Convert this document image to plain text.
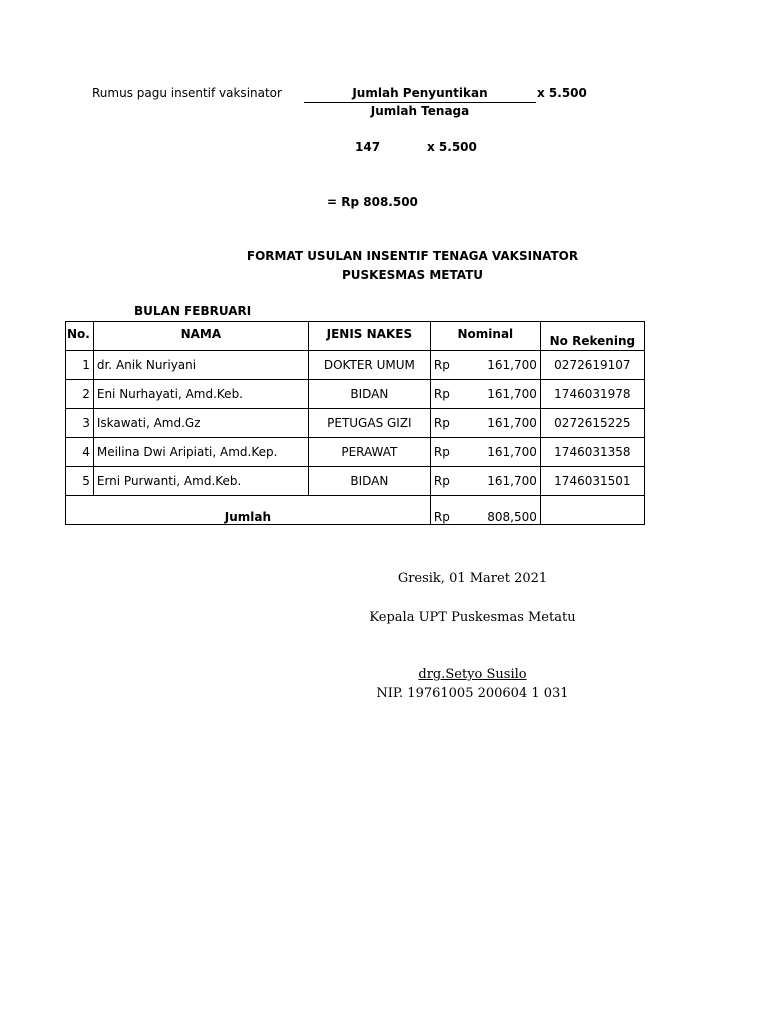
Rumus pagu insentif vaksinator	Jumlah Penyuntikan	x 5.500
Jumlah Tenaga
147	x 5.500
= Rp 808.500
FORMAT USULAN INSENTIF TENAGA VAKSINATOR
PUSKESMAS METATU
BULAN FEBRUARI
No.	NAMA	JENIS NAKES	Nominal	No Rekening
1	dr. Anik Nuriyani	DOKTER UMUM	Rp 161,700	0272619107
2	Eni Nurhayati, Amd.Keb.	BIDAN	Rp 161,700	1746031978
3	Iskawati, Amd.Gz	PETUGAS GIZI	Rp 161,700	0272615225
4	Meilina Dwi Aripiati, Amd.Kep.	PERAWAT	Rp 161,700	1746031358
5	Erni Purwanti, Amd.Keb.	BIDAN	Rp 161,700	1746031501
Jumlah			Rp 808,500	

Gresik, 01 Maret 2021
Kepala UPT Puskesmas Metatu
drg.Setyo Susilo
NIP. 19761005 200604 1 031
